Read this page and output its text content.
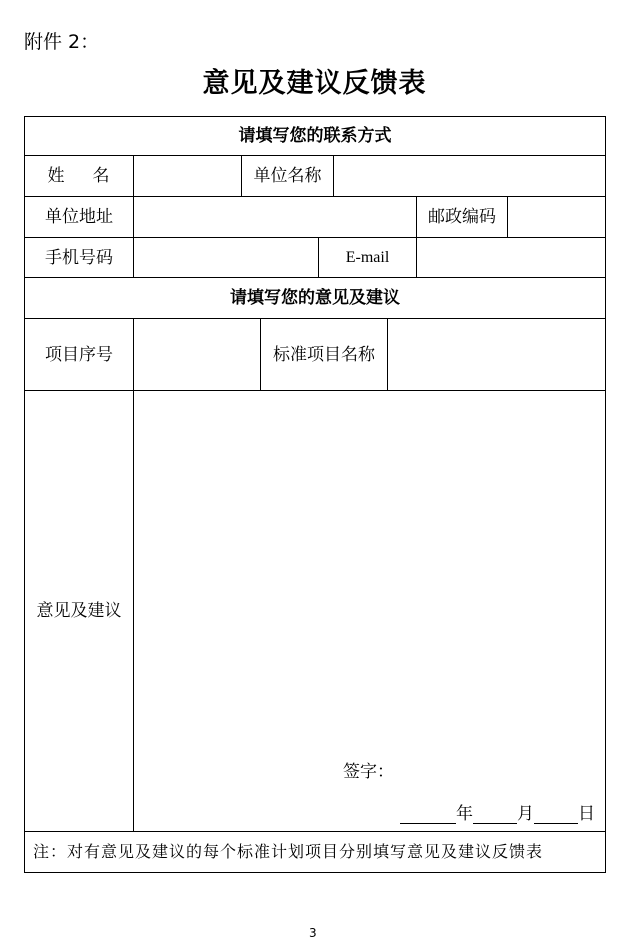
附件 2：
意见及建议反馈表
请填写您的联系方式
姓名	单位名称
单位地址	邮政编码
手机号码	E-mail
请填写您的意见及建议
项目序号	标准项目名称
意见及建议
签字：
年	月	日
注：对有意见及建议的每个标准计划项目分别填写意见及建议反馈表
3
